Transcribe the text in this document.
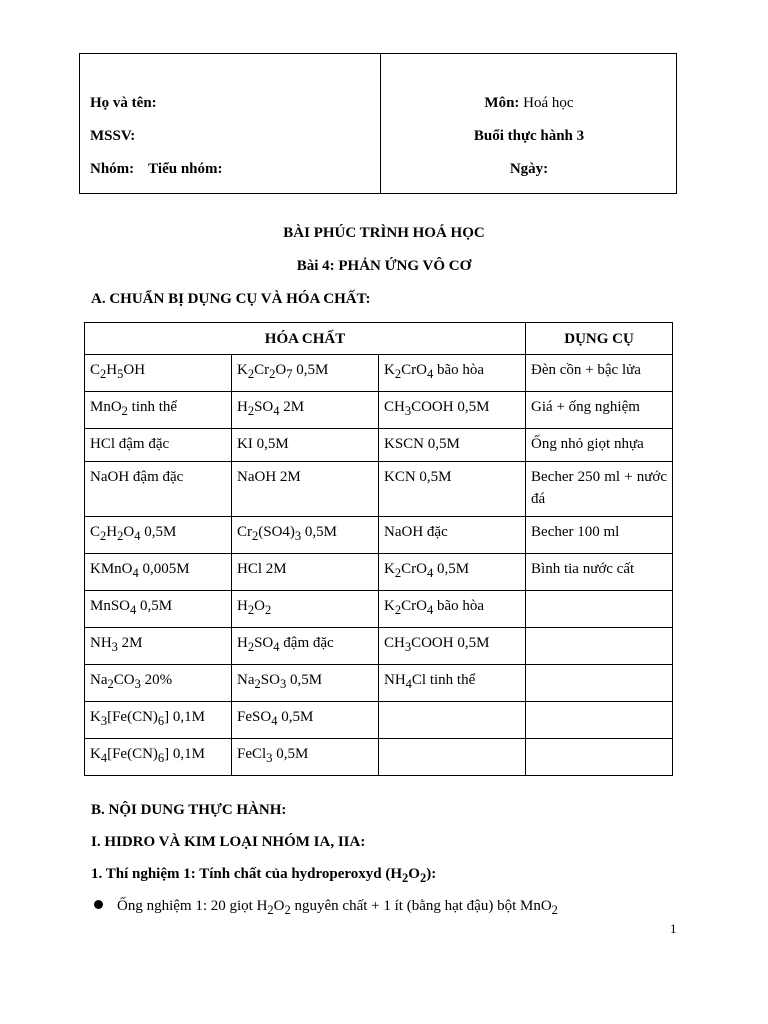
Họ và tên:
MSSV:
Nhóm: Tiểu nhóm:
Môn: Hoá học
Buổi thực hành 3
Ngày:
BÀI PHÚC TRÌNH HOÁ HỌC
Bài 4: PHẢN ỨNG VÔ CƠ
A. CHUẨN BỊ DỤNG CỤ VÀ HÓA CHẤT:
HÓA CHẤT			DỤNG CỤ
$C_2H_5OH$	$K_2Cr_2O_7$ 0,5M	$K_2CrO_4$ bão hòa	Đèn cồn + bậc lửa
MnO$_2$ tinh thể	$H_2SO_4$ 2M	$CH_3COOH$ 0,5M	Giá + ống nghiệm
HCl đậm đặc	KI 0,5M	KSCN 0,5M	Ống nhỏ giọt nhựa
NaOH đậm đặc	NaOH 2M	KCN 0,5M	Becher 250 ml + nước đá
$C_2H_2O_4$ 0,5M	$Cr_2(SO4)_3$ 0,5M	NaOH đặc	Becher 100 ml
KMnO$_4$ 0,005M	HCl 2M	$K_2CrO_4$ 0,5M	Bình tia nước cất
MnSO$_4$ 0,5M	$H_2O_2$	$K_2CrO_4$ bão hòa	
$NH_3$ 2M	$H_2SO_4$ đậm đặc	$CH_3COOH$ 0,5M	
$Na_2CO_3$ 20%	$Na_2SO_3$ 0,5M	$NH_4Cl$ tinh thể	
$K_3[Fe(CN)_6]$ 0,1M	FeSO$_4$ 0,5M		
$K_4[Fe(CN)_6]$ 0,1M	FeCl$_3$ 0,5M		
B. NỘI DUNG THỰC HÀNH:
I. HIDRO VÀ KIM LOẠI NHÓM IA, IIA:
1. Thí nghiệm 1: Tính chất của hydroperoxyd $(H_2O_2)$:
Ống nghiệm 1: 20 giọt $H_2O_2$ nguyên chất + 1 ít (bằng hạt đậu) bột MnO$_2$
1
